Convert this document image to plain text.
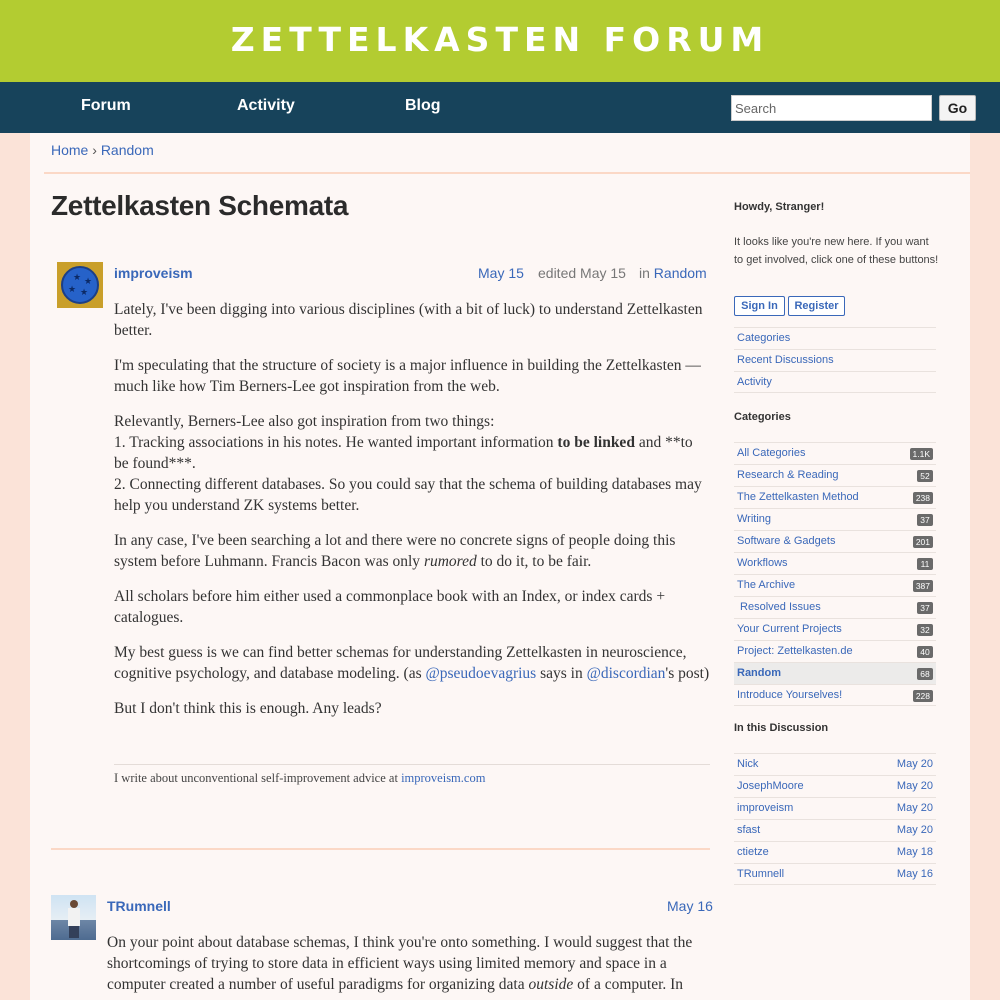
ZETTELKASTEN FORUM
Forum	Activity	Blog
Search	Go
Home › Random
Zettelkasten Schemata
★
★ ★
★ improveism	May 15 edited May 15 in Random

Lately, I've been digging into various disciplines (with a bit of luck) to understand Zettelkasten better.

I'm speculating that the structure of society is a major influence in building the Zettelkasten — much like how Tim Berners-Lee got inspiration from the web.

Relevantly, Berners-Lee also got inspiration from two things:
1. Tracking associations in his notes. He wanted important information to be linked and **to be found***.
2. Connecting different databases. So you could say that the schema of building databases may help you understand ZK systems better.

In any case, I've been searching a lot and there were no concrete signs of people doing this system before Luhmann. Francis Bacon was only rumored to do it, to be fair.

All scholars before him either used a commonplace book with an Index, or index cards + catalogues.

My best guess is we can find better schemas for understanding Zettelkasten in neuroscience, cognitive psychology, and database modeling. (as @pseudoevagrius says in @discordian's post)

But I don't think this is enough. Any leads?

I write about unconventional self-improvement advice at improveism.com
TRumnell	May 16
On your point about database schemas, I think you're onto something. I would suggest that the shortcomings of trying to store data in efficient ways using limited memory and space in a computer created a number of useful paradigms for organizing data outside of a computer. In
Howdy, Stranger!
It looks like you're new here. If you want to get involved, click one of these buttons!
Sign In	Register
Categories
Recent Discussions
Activity
Categories
All Categories	1.1K
Research & Reading	52
The Zettelkasten Method	238
Writing	37
Software & Gadgets	201
Workflows	11
The Archive	387
Resolved Issues	37
Your Current Projects	32
Project: Zettelkasten.de	40
Random	68
Introduce Yourselves!	228
In this Discussion
Nick	May 20
JosephMoore	May 20
improveism	May 20
sfast	May 20
ctietze	May 18
TRumnell	May 16
